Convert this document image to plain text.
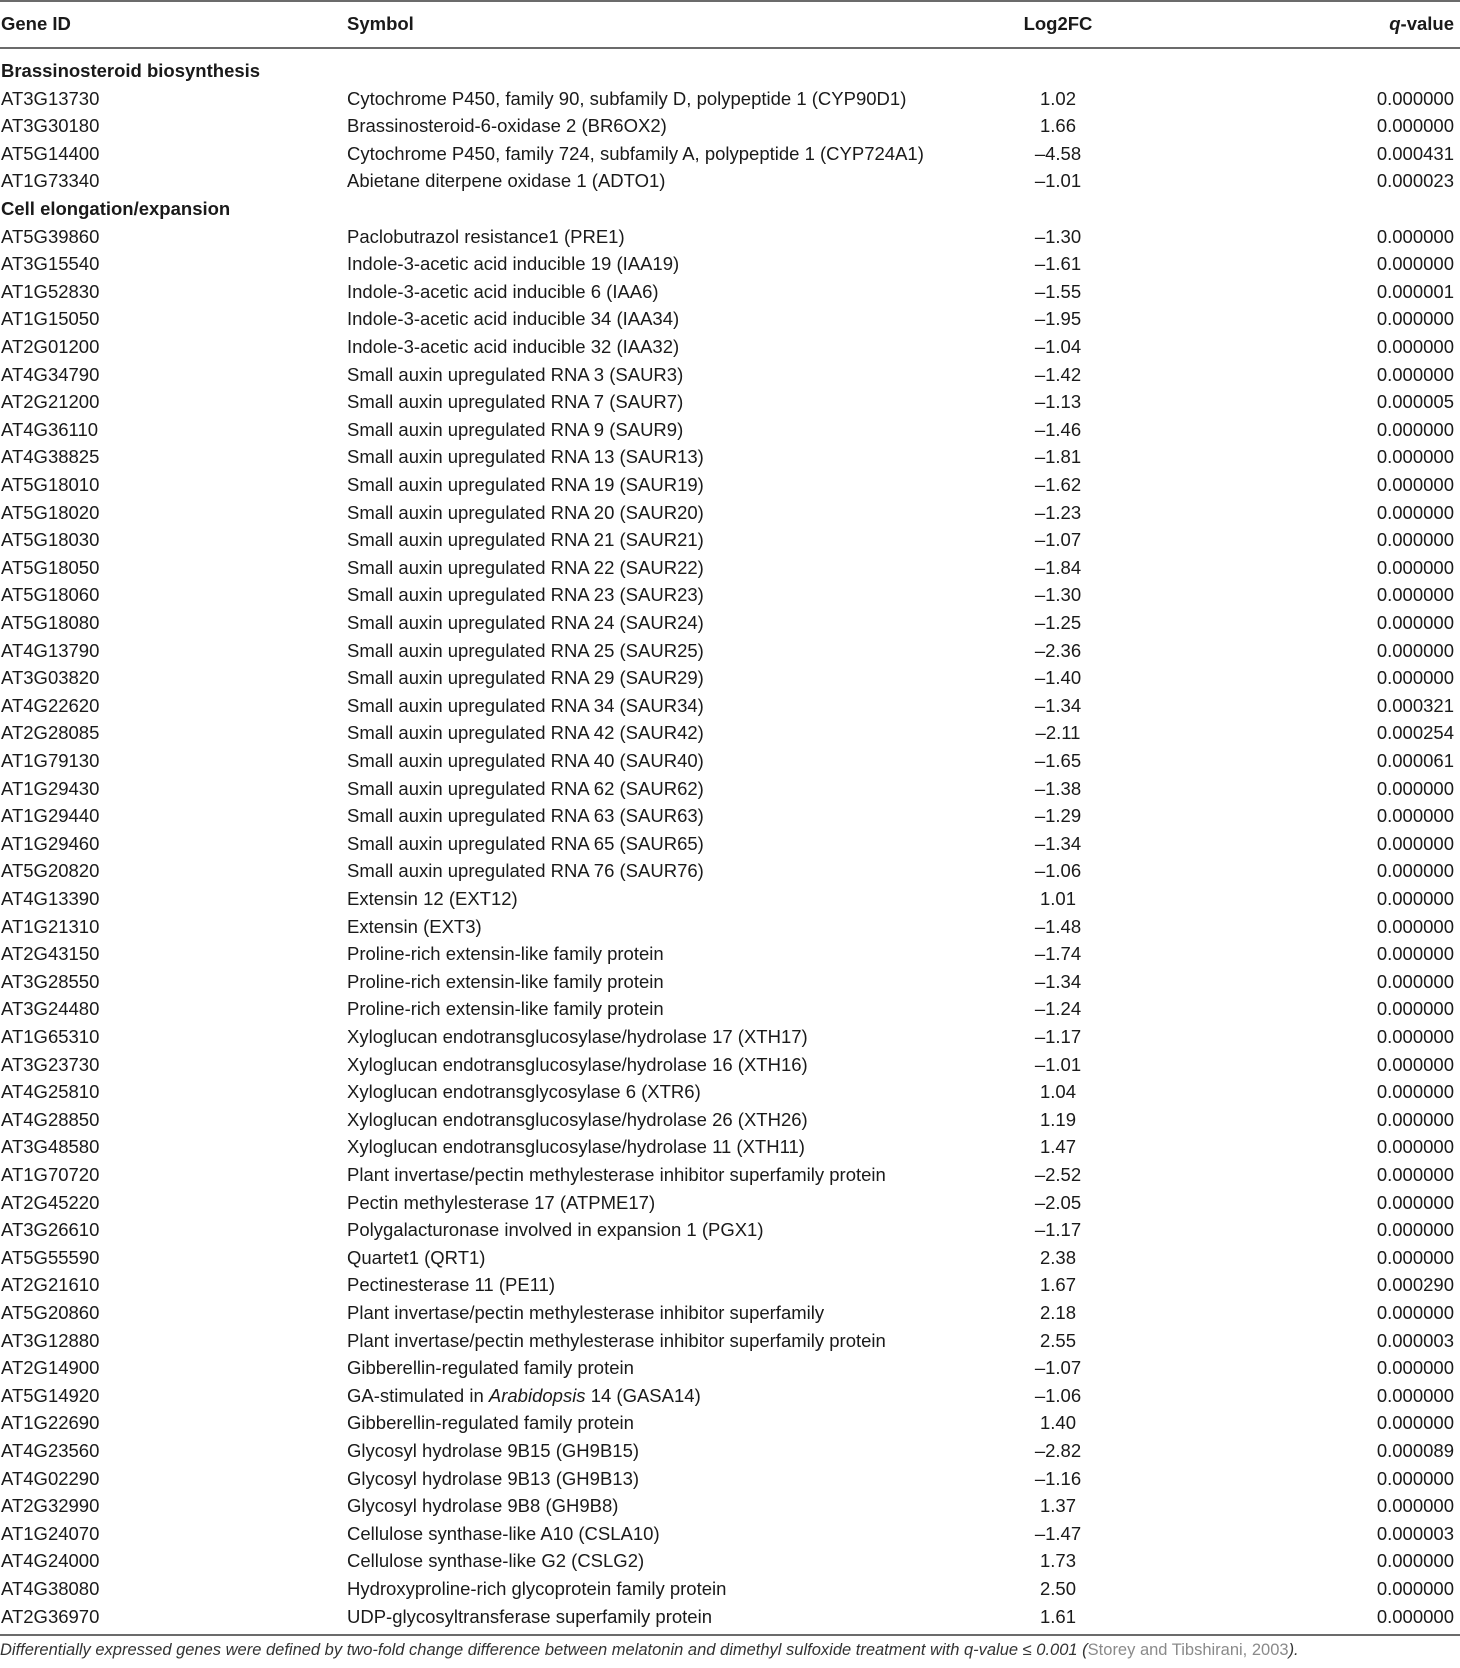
Gene ID	Symbol	Log2FC	q-value
Brassinosteroid biosynthesis
AT3G13730	Cytochrome P450, family 90, subfamily D, polypeptide 1 (CYP90D1)	1.02	0.000000
AT3G30180	Brassinosteroid-6-oxidase 2 (BR6OX2)	1.66	0.000000
AT5G14400	Cytochrome P450, family 724, subfamily A, polypeptide 1 (CYP724A1)	–4.58	0.000431
AT1G73340	Abietane diterpene oxidase 1 (ADTO1)	–1.01	0.000023
Cell elongation/expansion
AT5G39860	Paclobutrazol resistance1 (PRE1)	–1.30	0.000000
AT3G15540	Indole-3-acetic acid inducible 19 (IAA19)	–1.61	0.000000
AT1G52830	Indole-3-acetic acid inducible 6 (IAA6)	–1.55	0.000001
AT1G15050	Indole-3-acetic acid inducible 34 (IAA34)	–1.95	0.000000
AT2G01200	Indole-3-acetic acid inducible 32 (IAA32)	–1.04	0.000000
AT4G34790	Small auxin upregulated RNA 3 (SAUR3)	–1.42	0.000000
AT2G21200	Small auxin upregulated RNA 7 (SAUR7)	–1.13	0.000005
AT4G36110	Small auxin upregulated RNA 9 (SAUR9)	–1.46	0.000000
AT4G38825	Small auxin upregulated RNA 13 (SAUR13)	–1.81	0.000000
AT5G18010	Small auxin upregulated RNA 19 (SAUR19)	–1.62	0.000000
AT5G18020	Small auxin upregulated RNA 20 (SAUR20)	–1.23	0.000000
AT5G18030	Small auxin upregulated RNA 21 (SAUR21)	–1.07	0.000000
AT5G18050	Small auxin upregulated RNA 22 (SAUR22)	–1.84	0.000000
AT5G18060	Small auxin upregulated RNA 23 (SAUR23)	–1.30	0.000000
AT5G18080	Small auxin upregulated RNA 24 (SAUR24)	–1.25	0.000000
AT4G13790	Small auxin upregulated RNA 25 (SAUR25)	–2.36	0.000000
AT3G03820	Small auxin upregulated RNA 29 (SAUR29)	–1.40	0.000000
AT4G22620	Small auxin upregulated RNA 34 (SAUR34)	–1.34	0.000321
AT2G28085	Small auxin upregulated RNA 42 (SAUR42)	–2.11	0.000254
AT1G79130	Small auxin upregulated RNA 40 (SAUR40)	–1.65	0.000061
AT1G29430	Small auxin upregulated RNA 62 (SAUR62)	–1.38	0.000000
AT1G29440	Small auxin upregulated RNA 63 (SAUR63)	–1.29	0.000000
AT1G29460	Small auxin upregulated RNA 65 (SAUR65)	–1.34	0.000000
AT5G20820	Small auxin upregulated RNA 76 (SAUR76)	–1.06	0.000000
AT4G13390	Extensin 12 (EXT12)	1.01	0.000000
AT1G21310	Extensin (EXT3)	–1.48	0.000000
AT2G43150	Proline-rich extensin-like family protein	–1.74	0.000000
AT3G28550	Proline-rich extensin-like family protein	–1.34	0.000000
AT3G24480	Proline-rich extensin-like family protein	–1.24	0.000000
AT1G65310	Xyloglucan endotransglucosylase/hydrolase 17 (XTH17)	–1.17	0.000000
AT3G23730	Xyloglucan endotransglucosylase/hydrolase 16 (XTH16)	–1.01	0.000000
AT4G25810	Xyloglucan endotransglycosylase 6 (XTR6)	1.04	0.000000
AT4G28850	Xyloglucan endotransglucosylase/hydrolase 26 (XTH26)	1.19	0.000000
AT3G48580	Xyloglucan endotransglucosylase/hydrolase 11 (XTH11)	1.47	0.000000
AT1G70720	Plant invertase/pectin methylesterase inhibitor superfamily protein	–2.52	0.000000
AT2G45220	Pectin methylesterase 17 (ATPME17)	–2.05	0.000000
AT3G26610	Polygalacturonase involved in expansion 1 (PGX1)	–1.17	0.000000
AT5G55590	Quartet1 (QRT1)	2.38	0.000000
AT2G21610	Pectinesterase 11 (PE11)	1.67	0.000290
AT5G20860	Plant invertase/pectin methylesterase inhibitor superfamily	2.18	0.000000
AT3G12880	Plant invertase/pectin methylesterase inhibitor superfamily protein	2.55	0.000003
AT2G14900	Gibberellin-regulated family protein	–1.07	0.000000
AT5G14920	GA-stimulated in Arabidopsis 14 (GASA14)	–1.06	0.000000
AT1G22690	Gibberellin-regulated family protein	1.40	0.000000
AT4G23560	Glycosyl hydrolase 9B15 (GH9B15)	–2.82	0.000089
AT4G02290	Glycosyl hydrolase 9B13 (GH9B13)	–1.16	0.000000
AT2G32990	Glycosyl hydrolase 9B8 (GH9B8)	1.37	0.000000
AT1G24070	Cellulose synthase-like A10 (CSLA10)	–1.47	0.000003
AT4G24000	Cellulose synthase-like G2 (CSLG2)	1.73	0.000000
AT4G38080	Hydroxyproline-rich glycoprotein family protein	2.50	0.000000
AT2G36970	UDP-glycosyltransferase superfamily protein	1.61	0.000000
Differentially expressed genes were defined by two-fold change difference between melatonin and dimethyl sulfoxide treatment with q-value ≤ 0.001 (Storey and Tibshirani, 2003).
